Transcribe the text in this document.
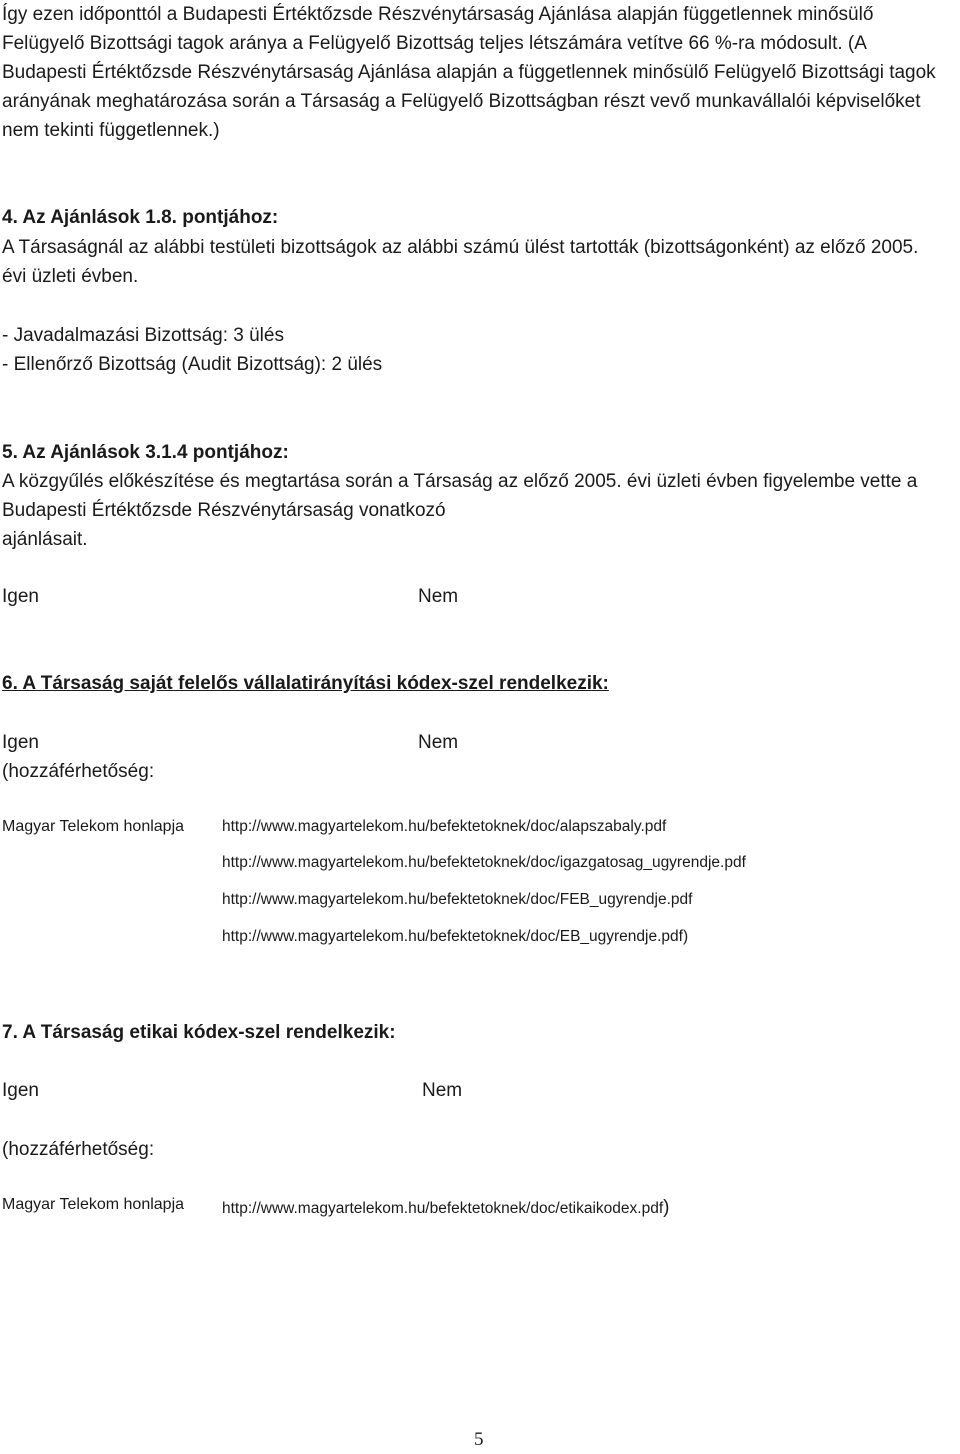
Így ezen időponttól a Budapesti Értéktőzsde Részvénytársaság Ajánlása alapján függetlennek minősülő
Felügyelő Bizottsági tagok aránya a Felügyelő Bizottság teljes létszámára vetítve 66 %-ra módosult. (A
Budapesti Értéktőzsde Részvénytársaság Ajánlása alapján a függetlennek minősülő Felügyelő Bizottsági tagok
arányának meghatározása során a Társaság a Felügyelő Bizottságban részt vevő munkavállalói képviselőket
nem tekinti függetlennek.)
4. Az Ajánlások 1.8. pontjához:
A Társaságnál az alábbi testületi bizottságok az alábbi számú ülést tartották (bizottságonként) az előző 2005.
évi üzleti évben.
- Javadalmazási Bizottság: 3 ülés
- Ellenőrző Bizottság (Audit Bizottság): 2 ülés
5. Az Ajánlások 3.1.4 pontjához:
A közgyűlés előkészítése és megtartása során a Társaság az előző 2005. évi üzleti évben figyelembe vette a
Budapesti Értéktőzsde Részvénytársaság vonatkozó
ajánlásait.
Igen	Nem
6. A Társaság saját felelős vállalatirányítási kódex-szel rendelkezik:
Igen	Nem
(hozzáférhetőség:
Magyar Telekom honlapja http://www.magyartelekom.hu/befektetoknek/doc/alapszabaly.pdf
http://www.magyartelekom.hu/befektetoknek/doc/igazgatosag_ugyrendje.pdf
http://www.magyartelekom.hu/befektetoknek/doc/FEB_ugyrendje.pdf
http://www.magyartelekom.hu/befektetoknek/doc/EB_ugyrendje.pdf)
7. A Társaság etikai kódex-szel rendelkezik:
Igen	Nem
(hozzáférhetőség:
Magyar Telekom honlapja http://www.magyartelekom.hu/befektetoknek/doc/etikaikodex.pdf)
5
